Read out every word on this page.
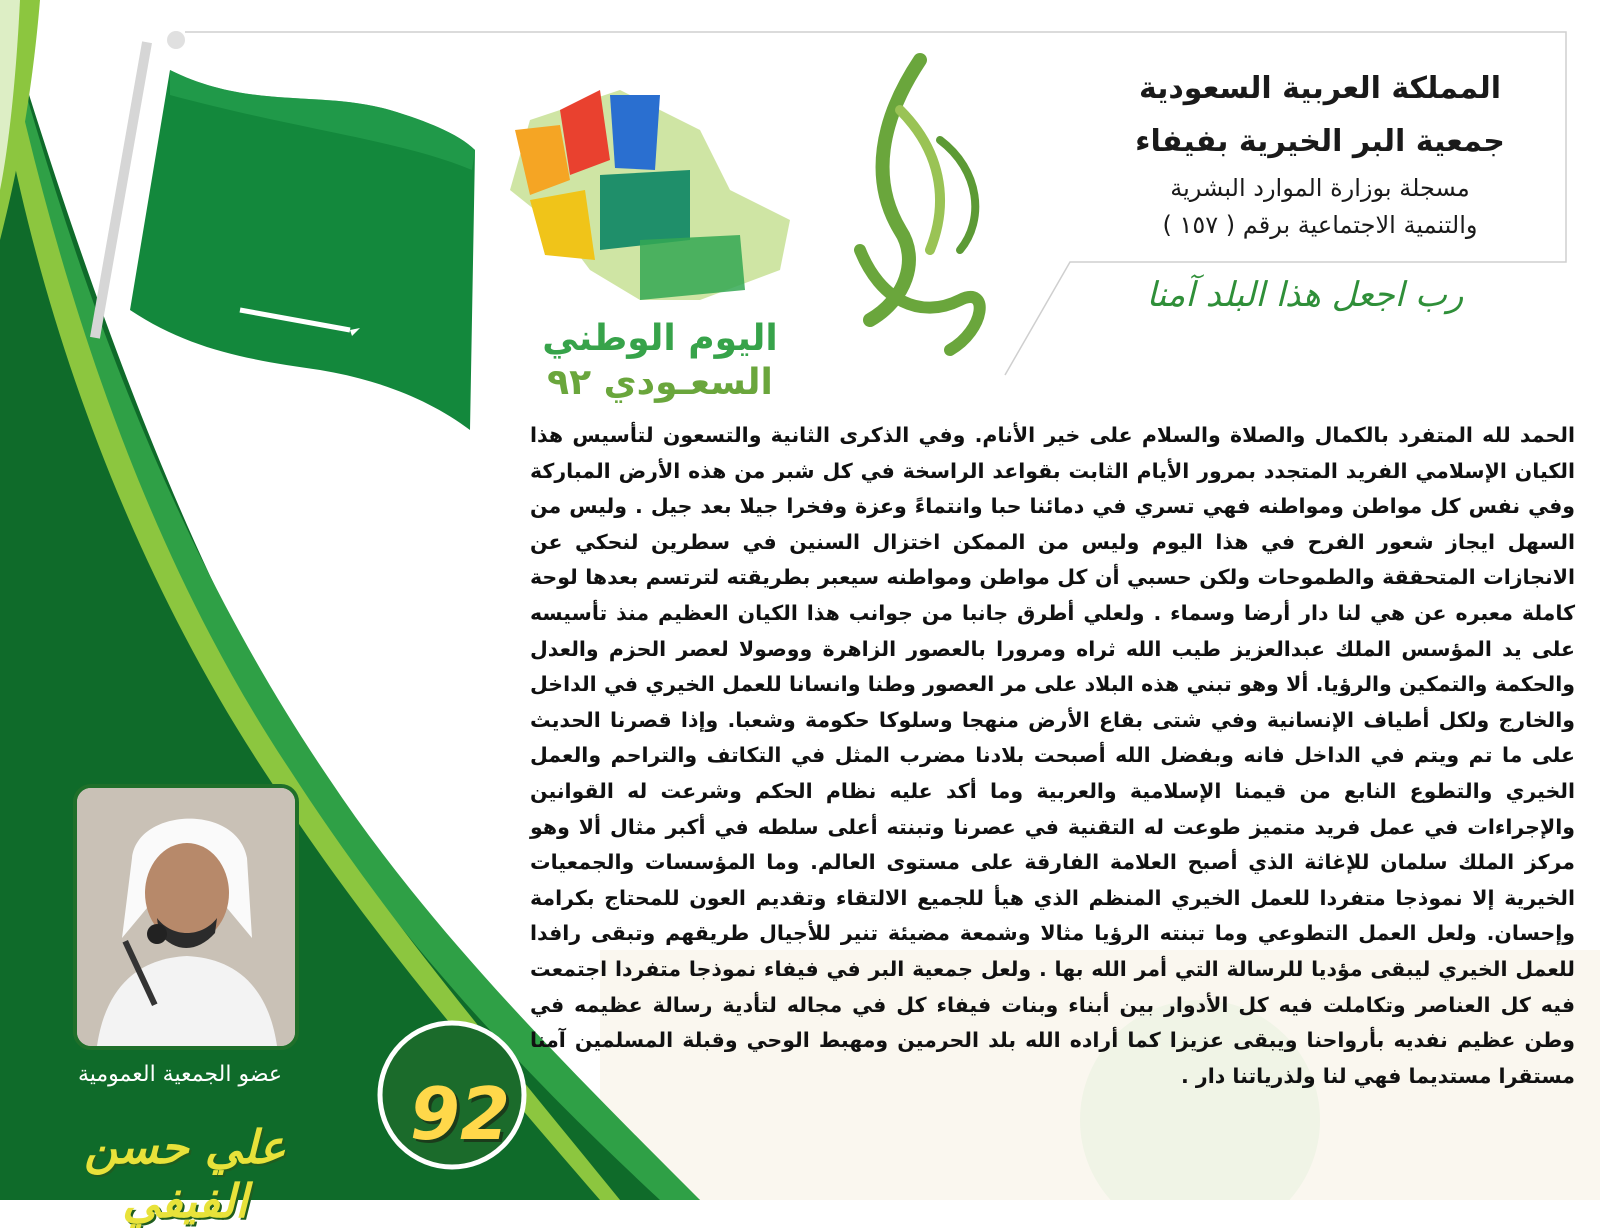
المملكة العربية السعودية
جمعية البر الخيرية بفيفاء
مسجلة بوزارة الموارد البشرية
والتنمية الاجتماعية برقم ( ١٥٧ )
رب اجعل هذا البلد آمنا
اليوم الوطني
السعـودي ٩٢
الحمد لله المتفرد بالكمال والصلاة والسلام على خير الأنام. وفي الذكرى الثانية والتسعون لتأسيس هذا الكيان الإسلامي الفريد المتجدد بمرور الأيام الثابت بقواعد الراسخة في كل شبر من هذه الأرض المباركة وفي نفس كل مواطن ومواطنه فهي تسري في دمائنا حبا وانتماءً وعزة وفخرا جيلا بعد جيل . وليس من السهل ايجاز شعور الفرح في هذا اليوم وليس من الممكن اختزال السنين في سطرين لنحكي عن الانجازات المتحققة والطموحات ولكن حسبي أن كل مواطن ومواطنه سيعبر بطريقته لترتسم بعدها لوحة كاملة معبره عن هي لنا دار أرضا وسماء . ولعلي أطرق جانبا من جوانب هذا الكيان العظيم منذ تأسيسه على يد المؤسس الملك عبدالعزيز طيب الله ثراه ومرورا بالعصور الزاهرة ووصولا لعصر الحزم والعدل والحكمة والتمكين والرؤيا. ألا وهو تبني هذه البلاد على مر العصور وطنا وانسانا للعمل الخيري في الداخل والخارج ولكل أطياف الإنسانية وفي شتى بقاع الأرض منهجا وسلوكا حكومة وشعبا. وإذا قصرنا الحديث على ما تم ويتم في الداخل فانه وبفضل الله أصبحت بلادنا مضرب المثل في التكاتف والتراحم والعمل الخيري والتطوع النابع من قيمنا الإسلامية والعربية وما أكد عليه نظام الحكم وشرعت له القوانين والإجراءات في عمل فريد متميز طوعت له التقنية في عصرنا وتبنته أعلى سلطه في أكبر مثال ألا وهو مركز الملك سلمان للإغاثة الذي أصبح العلامة الفارقة على مستوى العالم. وما المؤسسات والجمعيات الخيرية إلا نموذجا متفردا للعمل الخيري المنظم الذي هيأ للجميع الالتقاء وتقديم العون للمحتاج بكرامة وإحسان. ولعل العمل التطوعي وما تبنته الرؤيا مثالا وشمعة مضيئة تنير للأجيال طريقهم وتبقى رافدا للعمل الخيري ليبقى مؤديا للرسالة التي أمر الله بها . ولعل جمعية البر في فيفاء نموذجا متفردا اجتمعت فيه كل العناصر وتكاملت فيه كل الأدوار بين أبناء وبنات فيفاء كل في مجاله لتأدية رسالة عظيمه في وطن عظيم نفديه بأرواحنا ويبقى عزيزا كما أراده الله بلد الحرمين ومهبط الوحي وقبلة المسلمين آمنا مستقرا مستديما فهي لنا ولذرياتنا دار .
عضو الجمعية العمومية
علي حسن الفيفي
92
